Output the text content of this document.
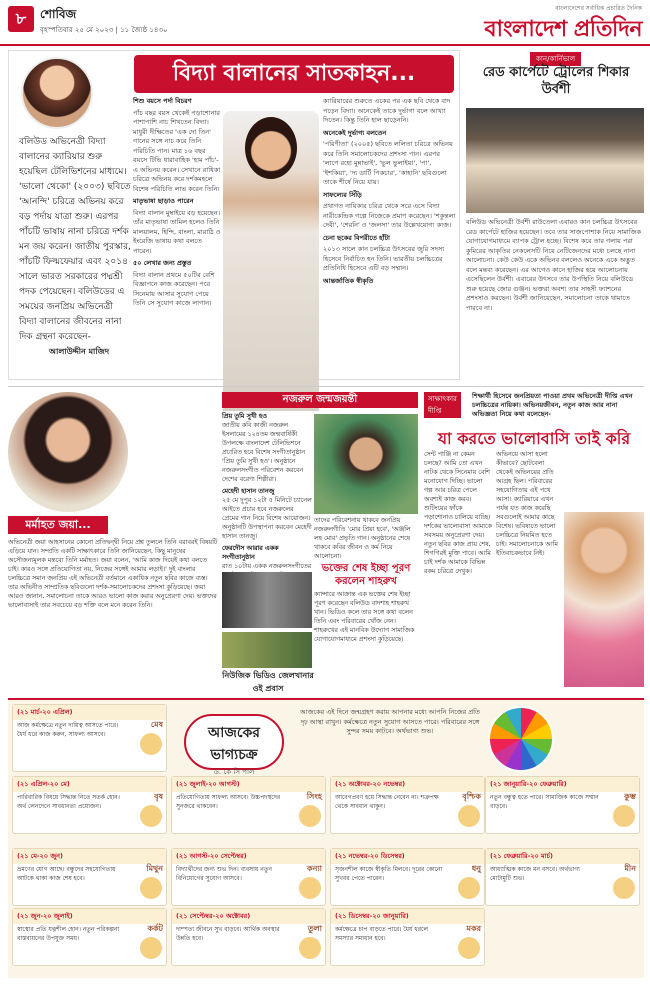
৮	শোবিজ
বৃহস্পতিবার ২৫ মে ২০২৩ | ১১ জ্যৈষ্ঠ ১৪৩০
বাংলাদেশের সর্বাধিক প্রচারিত দৈনিক
বাংলাদেশ প্রতিদিন
বিদ্যা বালানের সাতকাহন...
বলিউড অভিনেত্রী বিদ্যা বালানের ক্যারিয়ার শুরু হয়েছিল টেলিভিশনের মাধ্যমে। 'ভালো থেকো' (২০০৩) ছবিতে 'আনন্দি' চরিত্রে অভিনয় করে বড় পর্দায় যাত্রা শুরু। এরপর পাঁচটি ভাষায় নানা চরিত্রে দর্শক মন জয় করেন। জাতীয় পুরস্কার, পাঁচটি ফিল্মফেয়ার এবং ২০১৪ সালে ভারত সরকারের পদ্মশ্রী পদক পেয়েছেন। বলিউডের এ সময়ের জনপ্রিয় অভিনেত্রী বিদ্যা বালানের জীবনের নানা দিক গ্রন্থনা করেছেন-
আলাউদ্দীন মাজিদ
শিশু বয়সে পর্দা বিচরণ
পাঁচ বছর বয়স থেকেই পড়াশোনার পাশাপাশি নাচ শিখতেন বিদ্যা। মাধুরী দীক্ষিতের 'এক দো তিন' গানের সঙ্গে নাচ করে তিনি পরিচিতি পান। মাত্র ১৬ বছর বয়সে টিভি ধারাবাহিক 'হাম পাঁচ'-এ অভিনয় করেন। সেখানে রাধিকা চরিত্রে অভিনয় করে দর্শকমহলে বিশেষ পরিচিতি লাভ করেন তিনি।
মাতৃভাষা ছাড়াও পারেন
বিদ্যা বালান মুম্বাইয়ে বড় হয়েছেন। তাঁর মাতৃভাষা তামিল হলেও তিনি মালয়ালম, হিন্দি, বাংলা, মারাঠি ও ইংরেজি ভাষায় কথা বলতে পারেন।
৫০ লেখার জন্য প্রস্তুত
বিদ্যা বালান প্রথমে ৫০টির বেশি বিজ্ঞাপনে কাজ করেছেন। পরে সিনেমায় আসার সুযোগ পেয়ে তিনি সে সুযোগ কাজে লাগান।
ক্যারিয়ারের শুরুতে একের পর এক ছবি থেকে বাদ পড়েন বিদ্যা। অনেকেই তাকে দুর্ভাগা বলে আখ্যা দিতেন। কিন্তু তিনি হাল ছাড়েননি।
অনেকেই দুর্ভাগ্য বলতেন
'পরিণীতা' (২০০৫) ছবিতে ললিতা চরিত্রে অভিনয় করে তিনি সমালোচকদের প্রশংসা পান। এরপর 'লাগে রহো মুন্নাভাই', 'ভুল ভুলাইয়া', 'পা', 'ইশকিয়া', 'দ্য ডার্টি পিকচার', 'কাহানি' ছবিগুলো তাকে শীর্ষে নিয়ে যায়।
সাফল্যের সিঁড়ি
প্রথাগত নায়িকার চরিত্র থেকে সরে এসে বিদ্যা নারীকেন্দ্রিক গল্পে নিজেকে প্রমাণ করেছেন। 'শকুন্তলা দেবী', 'শেরনি' ও 'জলসা' তার উল্লেখযোগ্য কাজ।
চেনা ছকের বিপরীতে হাঁটা
২০১৩ সালে কান চলচ্চিত্র উৎসবের জুরি সদস্য হিসেবে নির্বাচিত হন তিনি। ভারতীয় চলচ্চিত্রের প্রতিনিধি হিসেবে এটি বড় সম্মান।
আন্তর্জাতিক স্বীকৃতি
কান/কার্নিভাল
রেড কার্পেটে ট্রোলের শিকার উর্বশী
বলিউড অভিনেত্রী উর্বশী রাউতেলা এবারও কান চলচ্চিত্র উৎসবের রেড কার্পেটে হাজির হয়েছেন। তবে তার সাজপোশাক নিয়ে সামাজিক যোগাযোগমাধ্যমে ব্যাপক ট্রোল হচ্ছে। বিশেষ করে তার গলায় পরা কুমিরের আকৃতির নেকলেসটি নিয়ে নেটিজেনদের মধ্যে চলছে নানা আলোচনা। কেউ কেউ একে অভিনব বললেও অনেকে একে অদ্ভুত বলে মন্তব্য করেছেন। এর আগেও কানে হাজির হয়ে আলোচনায় এসেছিলেন উর্বশী। এবারের উৎসবে তার উপস্থিতি নিয়ে বলিউডে শুরু হয়েছে জোর গুঞ্জন। ভক্তরা অবশ্য তার সাহসী ফ্যাশনের প্রশংসাও করছেন। উর্বশী জানিয়েছেন, সমালোচনা তাকে থামাতে পারবে না।
মর্মাহত জয়া...
অভিনেত্রী জয়া আহসানের কোনো প্রতিদ্বন্দ্বী নিয়ে প্রশ্ন তুললে তিনি বরাবরই বিষয়টি এড়িয়ে যান। সম্প্রতি একটি সাক্ষাৎকারে তিনি জানিয়েছেন, কিছু মানুষের অসৌজন্যমূলক মন্তব্যে তিনি মর্মাহত। জয়া বলেন, 'আমি কাজ দিয়েই কথা বলতে চাই। কারও সঙ্গে প্রতিযোগিতা নয়, নিজের সঙ্গেই আমার লড়াই।' দুই বাংলার চলচ্চিত্রে সমান জনপ্রিয় এই অভিনেত্রী বর্তমানে একাধিক নতুন ছবির কাজে ব্যস্ত। তার অভিনীত সাম্প্রতিক ছবিগুলো দর্শক-সমালোচকদের প্রশংসা কুড়িয়েছে। জয়া আরও জানান, সমালোচনা তাকে আরও ভালো কাজ করার অনুপ্রেরণা দেয়। ভক্তদের ভালোবাসাই তার সবচেয়ে বড় শক্তি বলে মনে করেন তিনি।
নজরুল জন্মজয়ন্তী
প্রিয় তুমি সুখী হও
জাতীয় কবি কাজী নজরুল ইসলামের ১২৪তম জন্মবার্ষিকী উপলক্ষে বাংলাদেশ টেলিভিশনে প্রচারিত হবে বিশেষ সংগীতানুষ্ঠান 'প্রিয় তুমি সুখী হও'। অনুষ্ঠানে নজরুলসংগীত পরিবেশন করবেন দেশের বরেণ্য শিল্পীরা।
মেহেদী হাসান তানজু
২৫ মে দুপুর ১২টা ৫ মিনিটে চ্যানেল আইতে প্রচার হবে নজরুলের প্রেমের গান নিয়ে বিশেষ আয়োজন। অনুষ্ঠানটি উপস্থাপনা করবেন মেহেদী হাসান তানজু।
ফেরদৌস আরার একক সংগীতানুষ্ঠান
রাত ১০টায় একক নজরুলসংগীতের
তাদের পরিবেশনায় থাকবে জনপ্রিয় নজরুলগীতি 'মোর প্রিয়া হবে', 'অঞ্জলি লহ মোর' প্রভৃতি গান। অনুষ্ঠানের শেষে থাকবে কবির জীবন ও কর্ম নিয়ে আলোচনা।
ভক্তের শেষ ইচ্ছা পূরণ করলেন শাহরুখ
ক্যান্সারে আক্রান্ত এক ভক্তের শেষ ইচ্ছা পূরণ করেছেন বলিউড বাদশাহ শাহরুখ খান। ভিডিও কলে তার সঙ্গে কথা বলেন তিনি এবং পরিবারের খোঁজ নেন। শাহরুখের এই মানবিক উদ্যোগ সামাজিক যোগাযোগমাধ্যমে প্রশংসা কুড়িয়েছে।
নিউজিক ভিডিও জেলখানার ওই প্রবাস
সাক্ষাৎকার
দীপ্তি
শিক্ষার্থী হিসেবে জনপ্রিয়তা পাওয়া প্রথম অভিনেত্রী দীপ্তি এখন চলচ্চিত্রের নায়িকা। অভিনয়জীবন, নতুন কাজ আর নানা অভিজ্ঞতা নিয়ে কথা বলেছেন-
যা করতে ভালোবাসি তাই করি
সেন্ট পাঞ্জি না কেমন চলছে? আমি তো এখন নাটক থেকে সিনেমায় বেশি মনোযোগ দিচ্ছি। ভালো গল্প আর চরিত্র পেলে অবশ্যই কাজ করব। শুটিংয়ের ফাঁকে পড়াশোনাও চালিয়ে যাচ্ছি। দর্শকের ভালোবাসা আমাকে সবসময় অনুপ্রেরণা দেয়। নতুন ছবির কাজ প্রায় শেষ, শিগগিরই মুক্তি পাবে। আমি চাই দর্শক আমাকে বিভিন্ন রকম চরিত্রে দেখুক।
অভিনয়ে আসা হলো কীভাবে? ছোটবেলা থেকেই অভিনয়ের প্রতি আগ্রহ ছিল। পরিবারের সহযোগিতায় এই পথে আসা। ক্যারিয়ারে এখন পর্যন্ত যত কাজ করেছি সবগুলোই আমার কাছে বিশেষ। ভবিষ্যতে ভালো চলচ্চিত্রে নিয়মিত হতে চাই। সমালোচনাকে আমি ইতিবাচকভাবে নিই।
আজকের ভাগ্যচক্র
ড. কে সি পাল
আজকের এই দিনে জন্মগ্রহণ করায় আপনার মধ্যে আপনি নিজের প্রতি দৃঢ় আস্থা রাখুন। কর্মক্ষেত্রে নতুন সুযোগ আসতে পারে। পরিবারের সঙ্গে সুন্দর সময় কাটবে। অর্থভাগ্য শুভ।
(২১ মার্চ-২০ এপ্রিল)
মেষ
আজ কর্মক্ষেত্রে নতুন দায়িত্ব আসতে পারে। ধৈর্য ধরে কাজ করুন, সাফল্য আসবে।
(২১ এপ্রিল-২০ মে)
বৃষ
পারিবারিক বিষয়ে সিদ্ধান্ত নিতে সতর্ক হোন। অর্থ লেনদেনে সাবধানতা প্রয়োজন।
(২১ মে-২০ জুন)
মিথুন
ভ্রমণের যোগ আছে। বন্ধুদের সহযোগিতায় আটকে থাকা কাজ শেষ হবে।
(২১ জুন-২০ জুলাই)
কর্কট
স্বাস্থ্যের প্রতি যত্নশীল হোন। নতুন পরিকল্পনা বাস্তবায়নের উপযুক্ত সময়।
(২১ জুলাই-২০ আগস্ট)
সিংহ
প্রতিযোগিতায় সাফল্য আসবে। উচ্চপদস্থদের সুনজরে থাকবেন।
(২১ আগস্ট-২০ সেপ্টেম্বর)
কন্যা
বিদ্যার্থীদের জন্য শুভ দিন। ব্যবসায় নতুন বিনিয়োগের সুযোগ আসবে।
(২১ সেপ্টেম্বর-২০ অক্টোবর)
তুলা
দাম্পত্য জীবনে সুখ বাড়বে। আর্থিক অবস্থার উন্নতি হবে।
(২১ অক্টোবর-২০ নভেম্বর)
বৃশ্চিক
আবেগপ্রবণ হয়ে সিদ্ধান্ত নেবেন না। শত্রুপক্ষ থেকে সাবধান থাকুন।
(২১ নভেম্বর-২০ ডিসেম্বর)
ধনু
সৃজনশীল কাজে স্বীকৃতি মিলবে। দূরের কোনো সুখবর পেতে পারেন।
(২১ ডিসেম্বর-২০ জানুয়ারি)
মকর
কর্মক্ষেত্রে চাপ বাড়তে পারে। ধৈর্য ধরলে সমস্যার সমাধান হবে।
(২১ জানুয়ারি-২০ ফেব্রুয়ারি)
কুম্ভ
নতুন বন্ধুত্ব হতে পারে। সামাজিক কাজে সম্মান বাড়বে।
(২১ ফেব্রুয়ারি-২০ মার্চ)
মীন
আধ্যাত্মিক কাজে মন বসবে। অর্থভাগ্য মোটামুটি শুভ।
